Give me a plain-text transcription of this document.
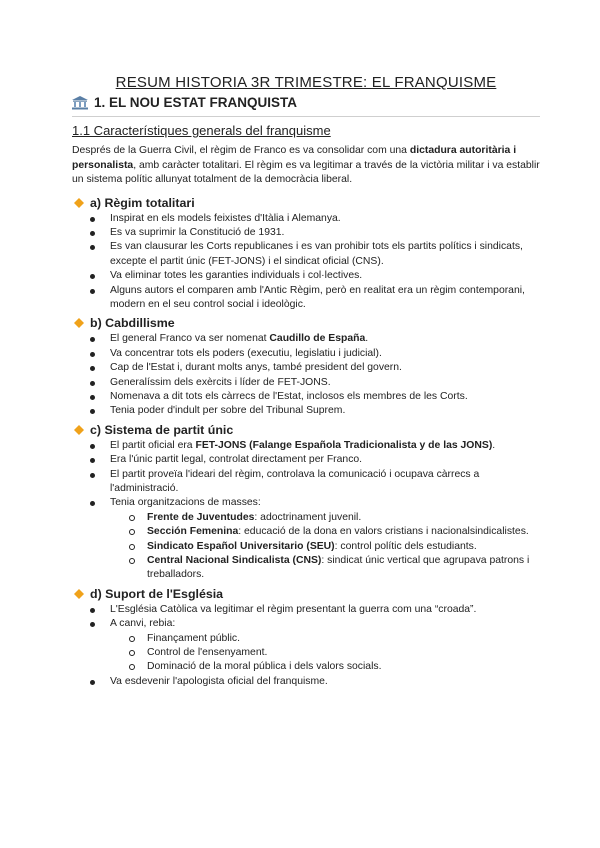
RESUM HISTORIA 3R TRIMESTRE: EL FRANQUISME
1. EL NOU ESTAT FRANQUISTA
1.1 Característiques generals del franquisme

Després de la Guerra Civil, el règim de Franco es va consolidar com una dictadura autoritària i personalista, amb caràcter totalitari. El règim es va legitimar a través de la victòria militar i va establir un sistema polític allunyat totalment de la democràcia liberal.

a) Règim totalitari
Inspirat en els models feixistes d'Itàlia i Alemanya.
Es va suprimir la Constitució de 1931.
Es van clausurar les Corts republicanes i es van prohibir tots els partits polítics i sindicats, excepte el partit únic (FET-JONS) i el sindicat oficial (CNS).
Va eliminar totes les garanties individuals i col·lectives.
Alguns autors el comparen amb l'Antic Règim, però en realitat era un règim contemporani, modern en el seu control social i ideològic.
b) Cabdillisme
El general Franco va ser nomenat Caudillo de España.
Va concentrar tots els poders (executiu, legislatiu i judicial).
Cap de l'Estat i, durant molts anys, també president del govern.
Generalíssim dels exèrcits i líder de FET-JONS.
Nomenava a dit tots els càrrecs de l'Estat, inclosos els membres de les Corts.
Tenia poder d'indult per sobre del Tribunal Suprem.
c) Sistema de partit únic
El partit oficial era FET-JONS (Falange Española Tradicionalista y de las JONS).
Era l'únic partit legal, controlat directament per Franco.
El partit proveïa l'ideari del règim, controlava la comunicació i ocupava càrrecs a l'administració.
Tenia organitzacions de masses:
Frente de Juventudes: adoctrinament juvenil.
Sección Femenina: educació de la dona en valors cristians i nacionalsindicalistes.
Sindicato Español Universitario (SEU): control polític dels estudiants.
Central Nacional Sindicalista (CNS): sindicat únic vertical que agrupava patrons i treballadors.
d) Suport de l'Església
L'Església Catòlica va legitimar el règim presentant la guerra com una “croada”.
A canvi, rebia:
Finançament públic.
Control de l'ensenyament.
Dominació de la moral pública i dels valors socials.
Va esdevenir l'apologista oficial del franquisme.
